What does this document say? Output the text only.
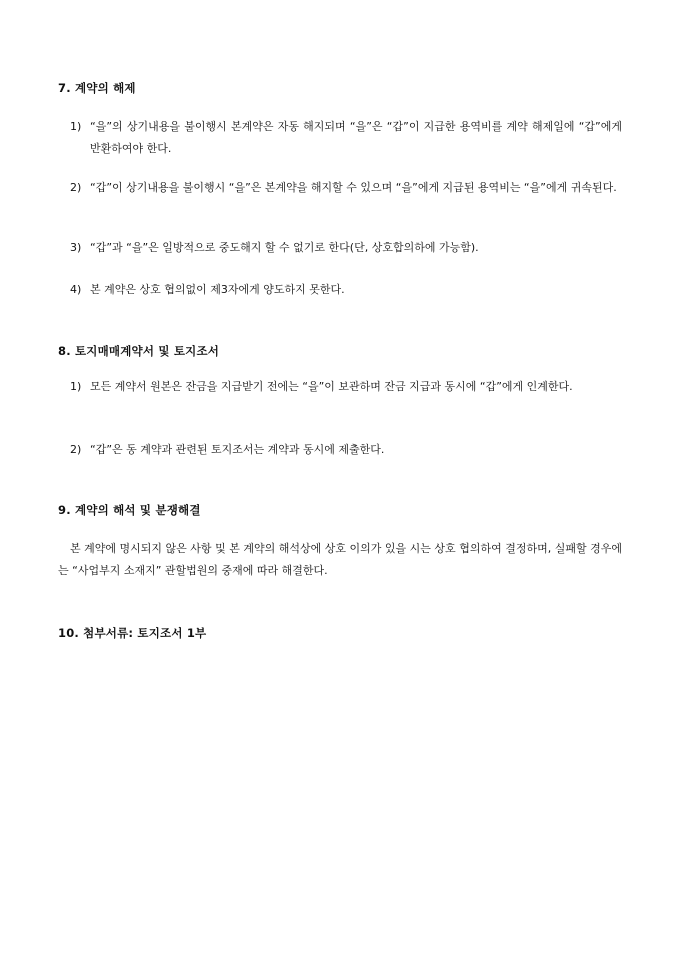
7. 계약의 해제
1) “을”의 상기내용을 불이행시 본계약은 자동 해지되며 “을”은 “갑”이 지급한 용역비를 계약 해제일에 “갑”에게 반환하여야 한다.
2) “갑”이 상기내용을 불이행시 “을”은 본계약을 해지할 수 있으며 “을”에게 지급된 용역비는 “을”에게 귀속된다.
3) “갑”과 “을”은 일방적으로 중도해지 할 수 없기로 한다(단, 상호합의하에 가능함).
4) 본 계약은 상호 협의없이 제3자에게 양도하지 못한다.
8. 토지매매계약서 및 토지조서
1) 모든 계약서 원본은 잔금을 지급받기 전에는 “을”이 보관하며 잔금 지급과 동시에 “갑”에게 인계한다.
2) “갑”은 동 계약과 관련된 토지조서는 계약과 동시에 제출한다.
9. 계약의 해석 및 분쟁해결
본 계약에 명시되지 않은 사항 및 본 계약의 해석상에 상호 이의가 있을 시는 상호 협의하여 결정하며, 실패할 경우에는 “사업부지 소재지” 관할법원의 중재에 따라 해결한다.
10. 첨부서류: 토지조서 1부
